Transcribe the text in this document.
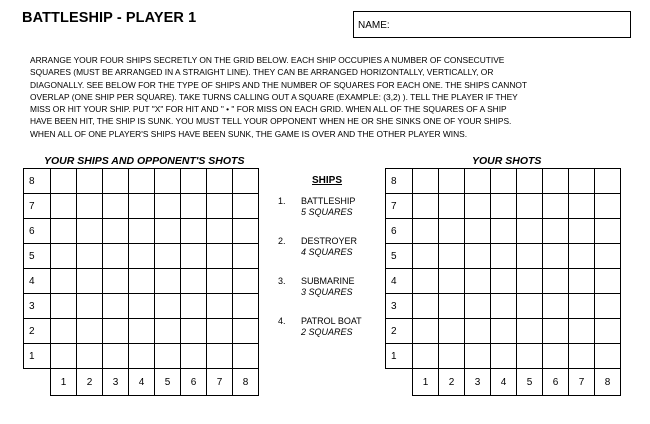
BATTLESHIP - PLAYER 1	NAME:

ARRANGE YOUR FOUR SHIPS SECRETLY ON THE GRID BELOW. EACH SHIP OCCUPIES A NUMBER OF CONSECUTIVE

SQUARES (MUST BE ARRANGED IN A STRAIGHT LINE). THEY CAN BE ARRANGED HORIZONTALLY, VERTICALLY, OR

DIAGONALLY. SEE BELOW FOR THE TYPE OF SHIPS AND THE NUMBER OF SQUARES FOR EACH ONE. THE SHIPS CANNOT

OVERLAP (ONE SHIP PER SQUARE). TAKE TURNS CALLING OUT A SQUARE (EXAMPLE: (3,2) ). TELL THE PLAYER IF THEY

MISS OR HIT YOUR SHIP. PUT "X" FOR HIT AND " • " FOR MISS ON EACH GRID. WHEN ALL OF THE SQUARES OF A SHIP

HAVE BEEN HIT, THE SHIP IS SUNK. YOU MUST TELL YOUR OPPONENT WHEN HE OR SHE SINKS ONE OF YOUR SHIPS.

WHEN ALL OF ONE PLAYER'S SHIPS HAVE BEEN SUNK, THE GAME IS OVER AND THE OTHER PLAYER WINS.

YOUR SHIPS AND OPPONENT'S SHOTS	YOUR SHOTS
8								
7								
6								
5								
4								
3								
2								
1								
	1	2	3	4	5	6	7	8
8								
7								
6								
5								
4								
3								
2								
1								
	1	2	3	4	5	6	7	8
SHIPS
1. BATTLESHIP
5 SQUARES
2. DESTROYER
4 SQUARES
3. SUBMARINE
3 SQUARES
4. PATROL BOAT
2 SQUARES
